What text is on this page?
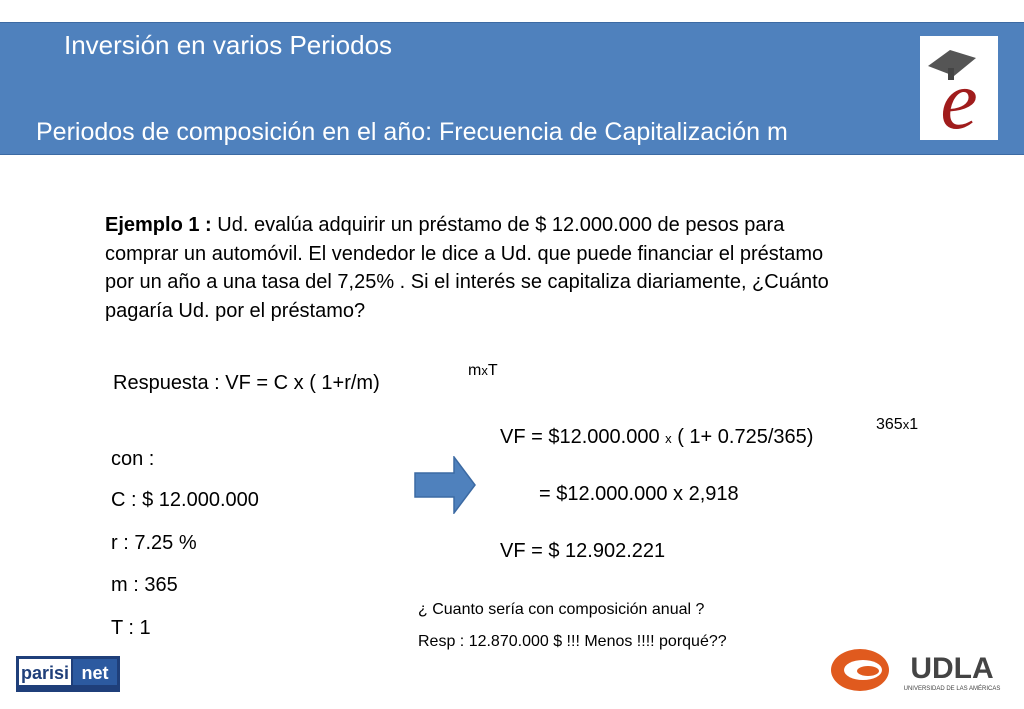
Inversión en varios Periodos
Periodos de composición en el año: Frecuencia de Capitalización m e
Ejemplo 1 : Ud. evalúa adquirir un préstamo de $ 12.000.000 de pesos para
comprar un automóvil. El vendedor le dice a Ud. que puede financiar el préstamo
por un año a una tasa del 7,25% . Si el interés se capitaliza diariamente, ¿Cuánto
pagaría Ud. por el préstamo?
Respuesta : VF = C x ( 1+r/m)
mxT
con :
C : $ 12.000.000
r : 7.25 %
m : 365
T : 1
VF = $12.000.000 x ( 1+ 0.725/365)
365x1
= $12.000.000 x 2,918
VF = $ 12.902.221
¿ Cuanto sería con composición anual ?
Resp : 12.870.000 $ !!! Menos !!!! porqué??
parisi net	UDLA
UNIVERSIDAD DE LAS AMÉRICAS
